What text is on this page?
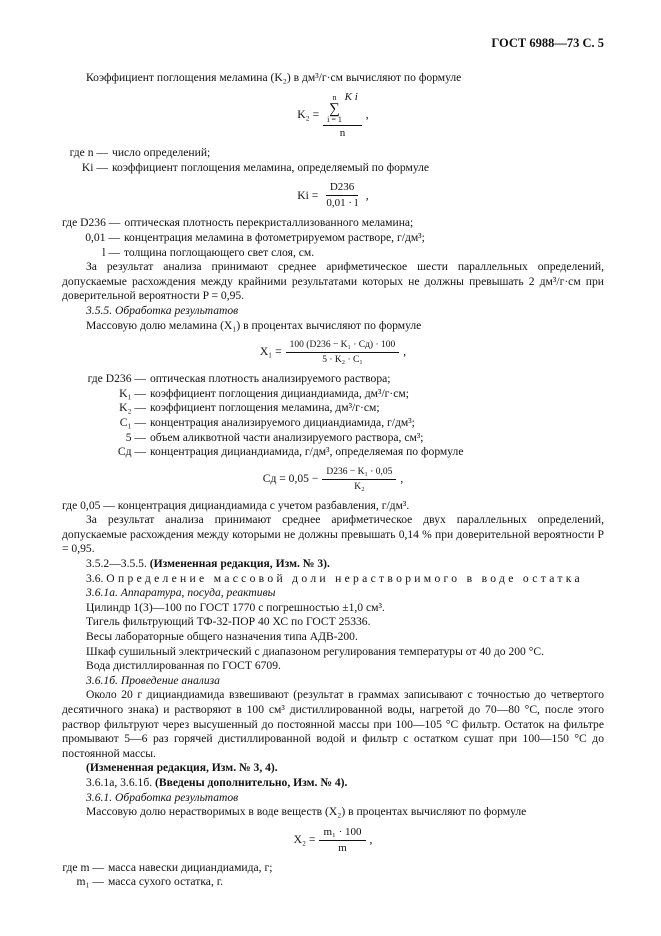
ГОСТ 6988—73 С. 5

Коэффициент поглощения меламина (K₂) в дм³/г·см вычисляют по формуле

K₂ = n
∑
i = 1
K i
n ,
где n — число определений;
Ki — коэффициент поглощения меламина, определяемый по формуле
$Ki = \frac{D236}{0,01 \cdot l}$ ,
где D236 — оптическая плотность перекристаллизованного меламина;
0,01 — концентрация меламина в фотометрируемом растворе, г/дм³;
l — толщина поглощающего свет слоя, см.

За результат анализа принимают среднее арифметическое шести параллельных определений, допускаемые расхождения между крайними результатами которых не должны превышать 2 дм³/г·см при доверительной вероятности P = 0,95.

3.5.5. Обработка результатов

Массовую долю меламина (X₁) в процентах вычисляют по формуле

$X_1 = \frac{\text{100 (D236 − K₁ · Cд) · 100}}{\text{5 · K₂ · C₁}}$ ,
где D236 — оптическая плотность анализируемого раствора;
K₁ — коэффициент поглощения дициандиамида, дм³/г·см;
K₂ — коэффициент поглощения меламина, дм³/г·см;
C₁ — концентрация анализируемого дициандиамида, г/дм³;
5 — объем аликвотной части анализируемого раствора, см³;
Cд — концентрация дициандиамида, г/дм³, определяемая по формуле
Cд = $0,05 - \frac{\text{D236 − K₁ · 0,05}}{\text{K₂}}$ ,

где 0,05 — концентрация дициандиамида с учетом разбавления, г/дм³.

За результат анализа принимают среднее арифметическое двух параллельных определений, допускаемые расхождения между которыми не должны превышать 0,14 % при доверительной вероятности P = 0,95.

3.5.2—3.5.5. (Измененная редакция, Изм. № 3).

3.6. Определение массовой доли нерастворимого в воде остатка

3.6.1а. Аппаратура, посуда, реактивы

Цилиндр 1(3)—100 по ГОСТ 1770 с погрешностью ±1,0 см³.

Тигель фильтрующий ТФ-32-ПОР 40 ХС по ГОСТ 25336.

Весы лабораторные общего назначения типа АДВ-200.

Шкаф сушильный электрический с диапазоном регулирования температуры от 40 до 200 °С.

Вода дистиллированная по ГОСТ 6709.

3.6.1б. Проведение анализа

Около 20 г дициандиамида взвешивают (результат в граммах записывают с точностью до четвертого десятичного знака) и растворяют в 100 см³ дистиллированной воды, нагретой до 70—80 °С, после этого раствор фильтруют через высушенный до постоянной массы при 100—105 °С фильтр. Остаток на фильтре промывают 5—6 раз горячей дистиллированной водой и фильтр с остатком сушат при 100—150 °С до постоянной массы.

(Измененная редакция, Изм. № 3, 4).

3.6.1а, 3.6.1б. (Введены дополнительно, Изм. № 4).

3.6.1. Обработка результатов

Массовую долю нерастворимых в воде веществ (X₂) в процентах вычисляют по формуле

$X_2 = \frac{\text{m₁ · 100}}{m}$ ,
где m — масса навески дициандиамида, г;
m₁ — масса сухого остатка, г.
